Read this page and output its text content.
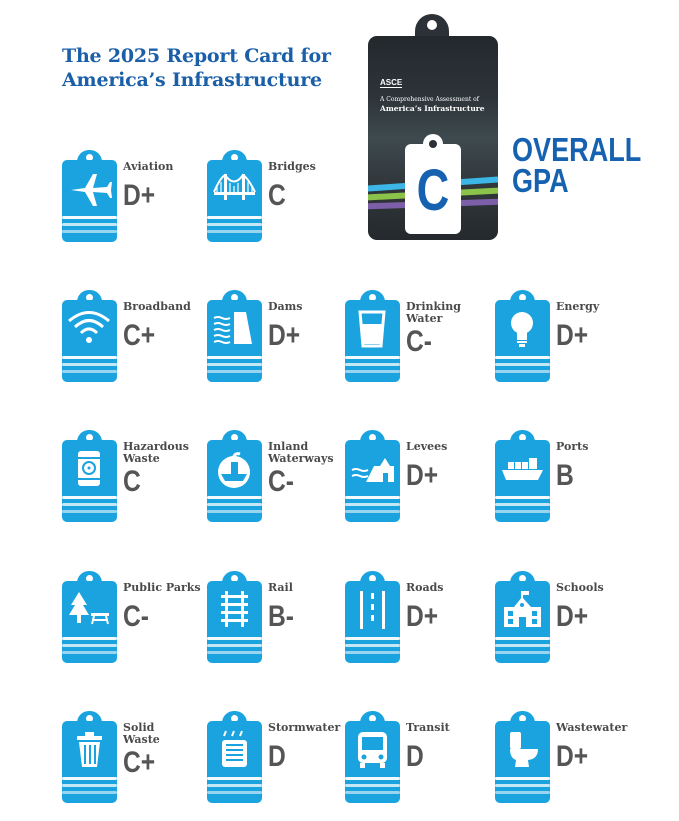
The 2025 Report Card for
America’s Infrastructure	ASCE
A Comprehensive Assessment of
America’s Infrastructure
C
OVERALL
GPA
Aviation
D+
Bridges
C
Broadband
C+
Dams
D+
Drinking
Water
C-
Energy
D+
Hazardous
Waste
C
Inland
Waterways
C-
Levees
D+
Ports
B
Public Parks
C-
Rail
B-
Roads
D+
Schools
D+
Solid
Waste
C+
Stormwater
D
Transit
D
Wastewater
D+
